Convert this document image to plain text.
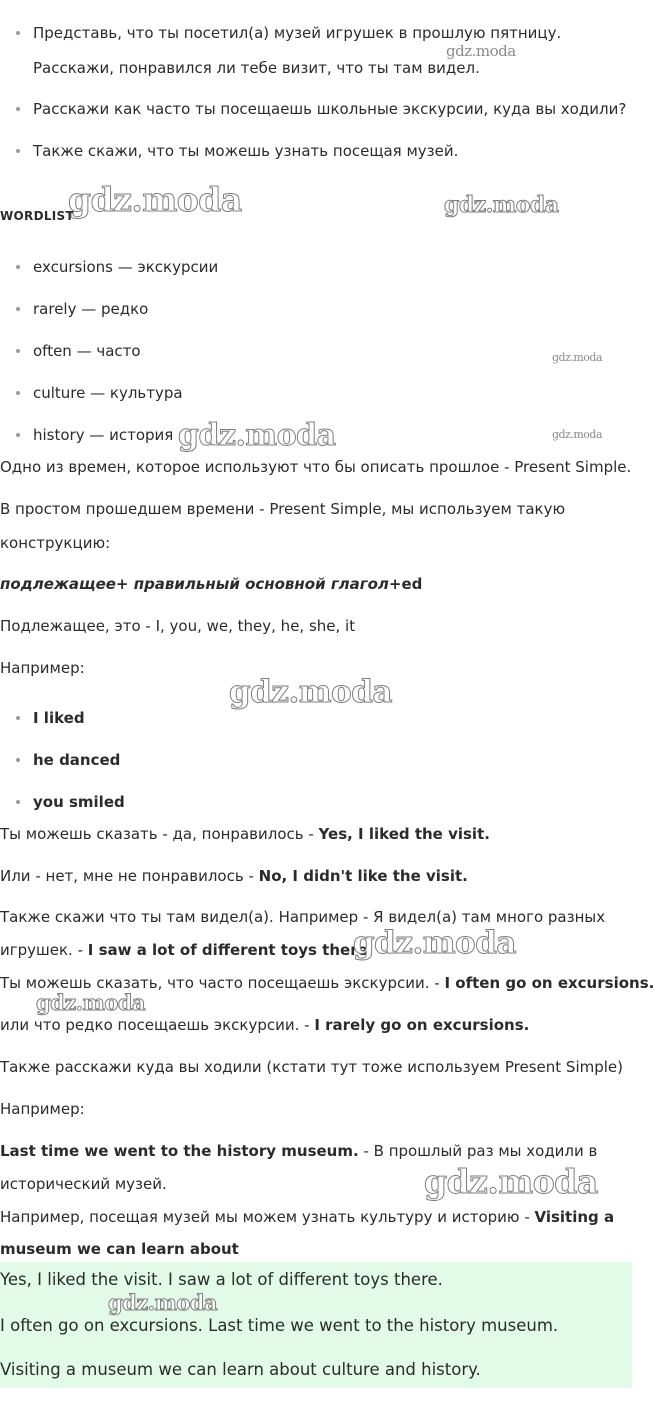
Представь, что ты посетил(а) музей игрушек в прошлую пятницу.
Расскажи, понравился ли тебе визит, что ты там видел.
Расскажи как часто ты посещаешь школьные экскурсии, куда вы ходили?
Также скажи, что ты можешь узнать посещая музей.
WORDLIST
excursions — экскурсии
rarely — редко
often — часто
culture — культура
history — история
Одно из времен, которое используют что бы описать прошлое - Present Simple.
В простом прошедшем времени - Present Simple, мы используем такую
конструкцию:
подлежащее+ правильный основной глагол+ed
Подлежащее, это - I, you, we, they, he, she, it
Например:
I liked
he danced
you smiled
Ты можешь сказать - да, понравилось - Yes, I liked the visit.
Или - нет, мне не понравилось - No, I didn't like the visit.
Также скажи что ты там видел(а). Например - Я видел(а) там много разных
игрушек. - I saw a lot of different toys there.
Ты можешь сказать, что часто посещаешь экскурсии. - I often go on excursions.
или что редко посещаешь экскурсии. - I rarely go on excursions.
Также расскажи куда вы ходили (кстати тут тоже используем Present Simple)
Например:
Last time we went to the history museum. - В прошлый раз мы ходили в
исторический музей.
Например, посещая музей мы можем узнать культуру и историю - Visiting a
museum we can learn about
Yes, I liked the visit. I saw a lot of different toys there.
I often go on excursions. Last time we went to the history museum.
Visiting a museum we can learn about culture and history.
gdz.moda
gdz.moda	gdz.moda
gdz.moda
gdz.moda	gdz.moda
gdz.moda
gdz.moda
gdz.moda
gdz.moda
gdz.moda
